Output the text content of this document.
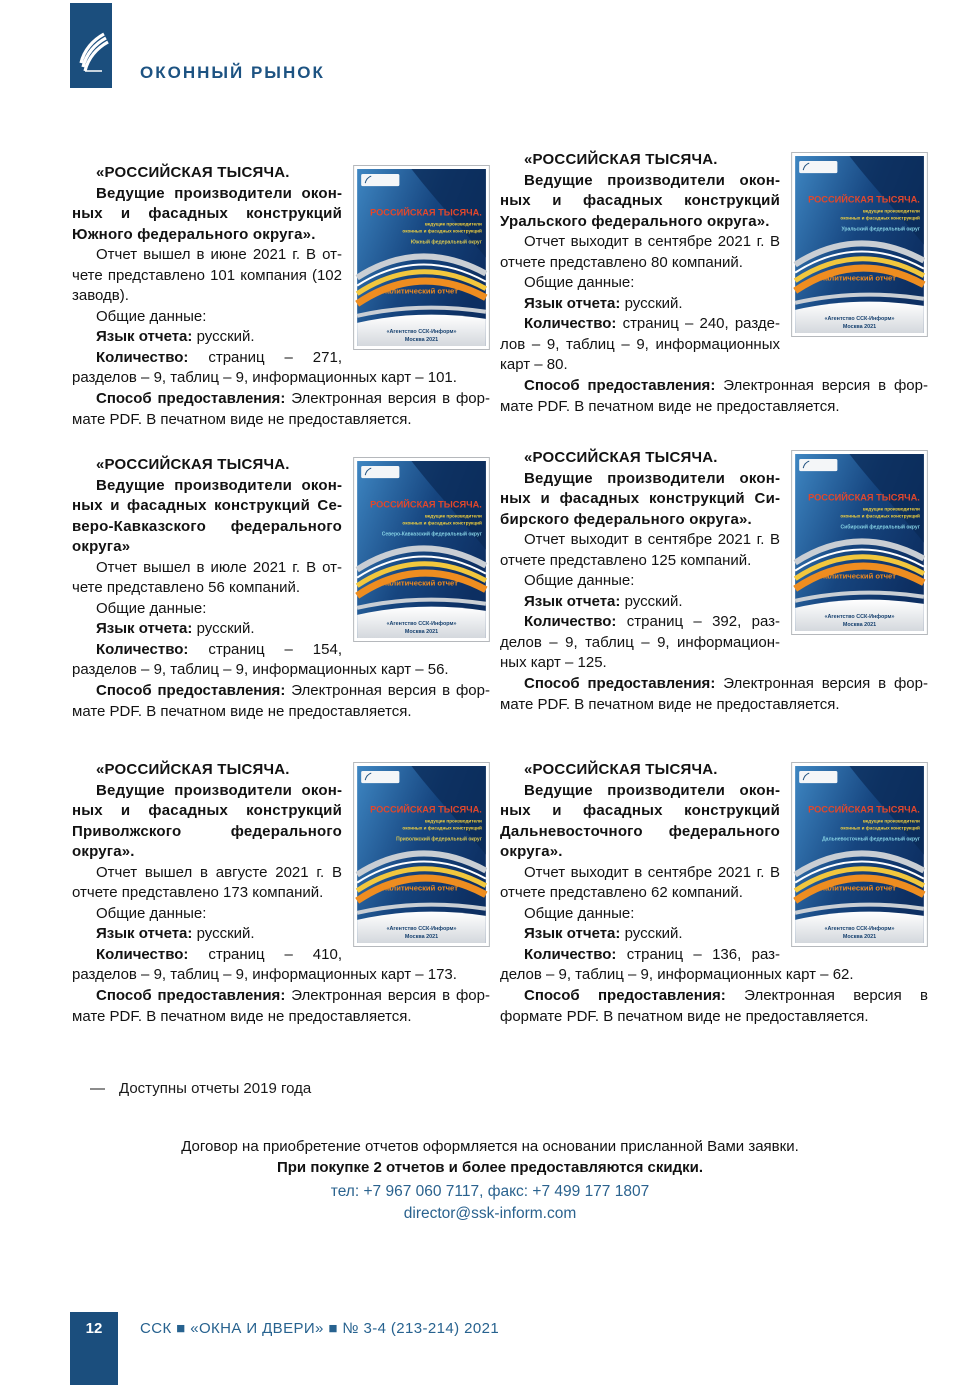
ОКОННЫЙ РЫНОК
РОССИЙСКАЯ ТЫСЯЧА.
ведущие производители
оконных и фасадных конструкций
Южный федеральный округ
Аналитический отчет
«Агентство ССК-Информ»
Москва 2021

«РОССИЙСКАЯ ТЫСЯЧА.

Ведущие производители оконных и фасадных конструкций Южного федерального округа».

Отчет вышел в июне 2021 г. В отчете представлено 101 компания (102 заводв).

Общие данные:

Язык отчета: русский.

Количество: страниц – 271, разделов – 9, таблиц – 9, информационных карт – 101.

Способ предоставления: Электронная версия в формате PDF. В печатном виде не предоставляется.

РОССИЙСКАЯ ТЫСЯЧА.
ведущие производители
оконных и фасадных конструкций
Уральский федеральный округ
Аналитический отчет
«Агентство ССК-Информ»
Москва 2021

«РОССИЙСКАЯ ТЫСЯЧА.

Ведущие производители оконных и фасадных конструкций Уральского федерального округа».

Отчет выходит в сентябре 2021 г. В отчете представлено 80 компаний.

Общие данные:

Язык отчета: русский.

Количество: страниц – 240, разделов – 9, таблиц – 9, информационных карт – 80.

Способ предоставления: Электронная версия в формате PDF. В печатном виде не предоставляется.

РОССИЙСКАЯ ТЫСЯЧА.
ведущие производители
оконных и фасадных конструкций
Северо-Кавказский федеральный округ
Аналитический отчет
«Агентство ССК-Информ»
Москва 2021

«РОССИЙСКАЯ ТЫСЯЧА.

Ведущие производители оконных и фасадных конструкций Северо-Кавказского федерального округа»

Отчет вышел в июле 2021 г. В отчете представлено 56 компаний.

Общие данные:

Язык отчета: русский.

Количество: страниц – 154, разделов – 9, таблиц – 9, информационных карт – 56.

Способ предоставления: Электронная версия в формате PDF. В печатном виде не предоставляется.

РОССИЙСКАЯ ТЫСЯЧА.
ведущие производители
оконных и фасадных конструкций
Сибирский федеральный округ
Аналитический отчет
«Агентство ССК-Информ»
Москва 2021

«РОССИЙСКАЯ ТЫСЯЧА.

Ведущие производители оконных и фасадных конструкций Сибирского федерального округа».

Отчет выходит в сентябре 2021 г. В отчете представлено 125 компаний.

Общие данные:

Язык отчета: русский.

Количество: страниц – 392, разделов – 9, таблиц – 9, информационных карт – 125.

Способ предоставления: Электронная версия в формате PDF. В печатном виде не предоставляется.

РОССИЙСКАЯ ТЫСЯЧА.
ведущие производители
оконных и фасадных конструкций
Приволжский федеральный округ
Аналитический отчет
«Агентство ССК-Информ»
Москва 2021

«РОССИЙСКАЯ ТЫСЯЧА.

Ведущие производители оконных и фасадных конструкций Приволжского федерального округа».

Отчет вышел в августе 2021 г. В отчете представлено 173 компаний.

Общие данные:

Язык отчета: русский.

Количество: страниц – 410, разделов – 9, таблиц – 9, информационных карт – 173.

Способ предоставления: Электронная версия в формате PDF. В печатном виде не предоставляется.

РОССИЙСКАЯ ТЫСЯЧА.
ведущие производители
оконных и фасадных конструкций
Дальневосточный федеральный округ
Аналитический отчет
«Агентство ССК-Информ»
Москва 2021

«РОССИЙСКАЯ ТЫСЯЧА.

Ведущие производители оконных и фасадных конструкций Дальневосточного федерального округа».

Отчет выходит в сентябре 2021 г. В отчете представлено 62 компаний.

Общие данные:

Язык отчета: русский.

Количество: страниц – 136, разделов – 9, таблиц – 9, информационных карт – 62.

Способ предоставления: Электронная версия в формате PDF. В печатном виде не предоставляется.

— Доступны отчеты 2019 года
Договор на приобретение отчетов оформляется на основании присланной Вами заявки.
При покупке 2 отчетов и более предоставляются скидки.
тел: +7 967 060 7117, факс: +7 499 177 1807
director@ssk-inform.com
12	ССК ■ «ОКНА И ДВЕРИ» ■ № 3-4 (213-214) 2021
